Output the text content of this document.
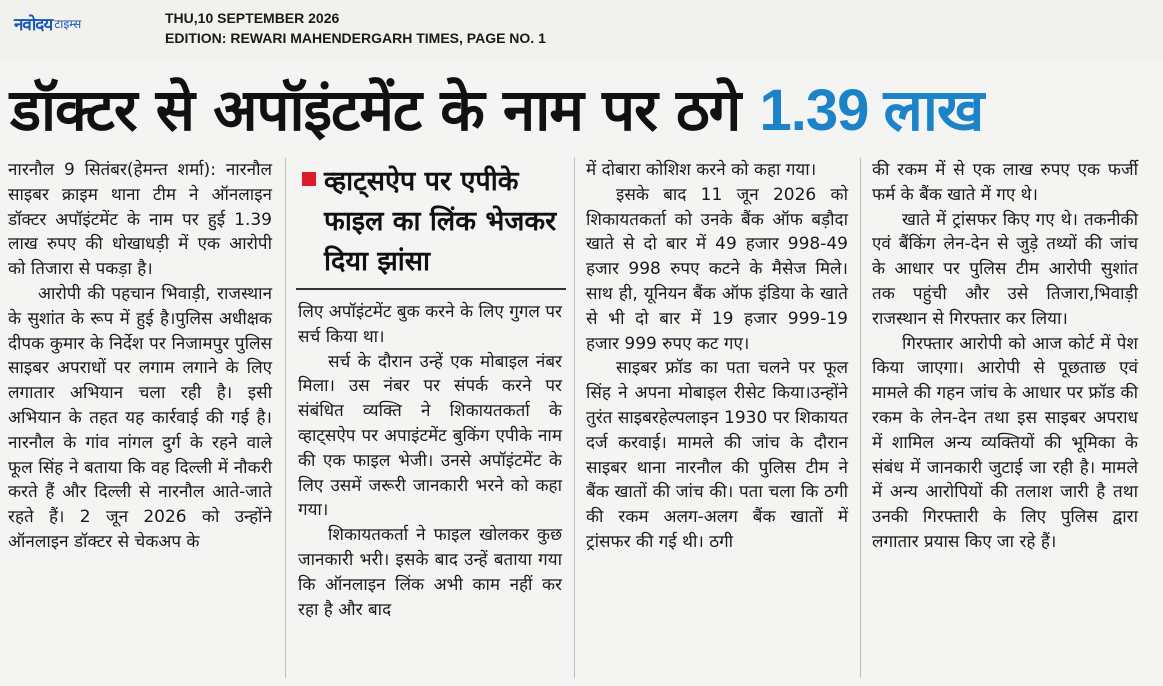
नवोदय टाइम्स	THU,10 SEPTEMBER 2026
EDITION: REWARI MAHENDERGARH TIMES, PAGE NO. 1
डॉक्टर से अपॉइंटमेंट के नाम पर ठगे 1.39 लाख

नारनौल 9 सितंबर(हेमन्त शर्मा): नारनौल साइबर क्राइम थाना टीम ने ऑनलाइन डॉक्टर अपॉइंटमेंट के नाम पर हुई 1.39 लाख रुपए की धोखाधड़ी में एक आरोपी को तिजारा से पकड़ा है।

आरोपी की पहचान भिवाड़ी, राजस्थान के सुशांत के रूप में हुई है।पुलिस अधीक्षक दीपक कुमार के निर्देश पर निजामपुर पुलिस साइबर अपराधों पर लगाम लगाने के लिए लगातार अभियान चला रही है। इसी अभियान के तहत यह कार्रवाई की गई है। नारनौल के गांव नांगल दुर्ग के रहने वाले फूल सिंह ने बताया कि वह दिल्ली में नौकरी करते हैं और दिल्ली से नारनौल आते-जाते रहते हैं। 2 जून 2026 को उन्होंने ऑनलाइन डॉक्टर से चेकअप के

व्हाट्सऐप पर एपीके फाइल का लिंक भेजकर दिया झांसा

लिए अपॉइंटमेंट बुक करने के लिए गुगल पर सर्च किया था।

सर्च के दौरान उन्हें एक मोबाइल नंबर मिला। उस नंबर पर संपर्क करने पर संबंधित व्यक्ति ने शिकायतकर्ता के व्हाट्सऐप पर अपाइंटमेंट बुकिंग एपीके नाम की एक फाइल भेजी। उनसे अपॉइंटमेंट के लिए उसमें जरूरी जानकारी भरने को कहा गया।

शिकायतकर्ता ने फाइल खोलकर कुछ जानकारी भरी। इसके बाद उन्हें बताया गया कि ऑनलाइन लिंक अभी काम नहीं कर रहा है और बाद

में दोबारा कोशिश करने को कहा गया।

इसके बाद 11 जून 2026 को शिकायतकर्ता को उनके बैंक ऑफ बड़ौदा खाते से दो बार में 49 हजार 998-49 हजार 998 रुपए कटने के मैसेज मिले। साथ ही, यूनियन बैंक ऑफ इंडिया के खाते से भी दो बार में 19 हजार 999-19 हजार 999 रुपए कट गए।

साइबर फ्रॉड का पता चलने पर फूल सिंह ने अपना मोबाइल रीसेट किया।उन्होंने तुरंत साइबरहेल्पलाइन 1930 पर शिकायत दर्ज करवाई। मामले की जांच के दौरान साइबर थाना नारनौल की पुलिस टीम ने बैंक खातों की जांच की। पता चला कि ठगी की रकम अलग-अलग बैंक खातों में ट्रांसफर की गई थी। ठगी

की रकम में से एक लाख रुपए एक फर्जी फर्म के बैंक खाते में गए थे।

खाते में ट्रांसफर किए गए थे। तकनीकी एवं बैंकिंग लेन-देन से जुड़े तथ्यों की जांच के आधार पर पुलिस टीम आरोपी सुशांत तक पहुंची और उसे तिजारा,भिवाड़ी राजस्थान से गिरफ्तार कर लिया।

गिरफ्तार आरोपी को आज कोर्ट में पेश किया जाएगा। आरोपी से पूछताछ एवं मामले की गहन जांच के आधार पर फ्रॉड की रकम के लेन-देन तथा इस साइबर अपराध में शामिल अन्य व्यक्तियों की भूमिका के संबंध में जानकारी जुटाई जा रही है। मामले में अन्य आरोपियों की तलाश जारी है तथा उनकी गिरफ्तारी के लिए पुलिस द्वारा लगातार प्रयास किए जा रहे हैं।
